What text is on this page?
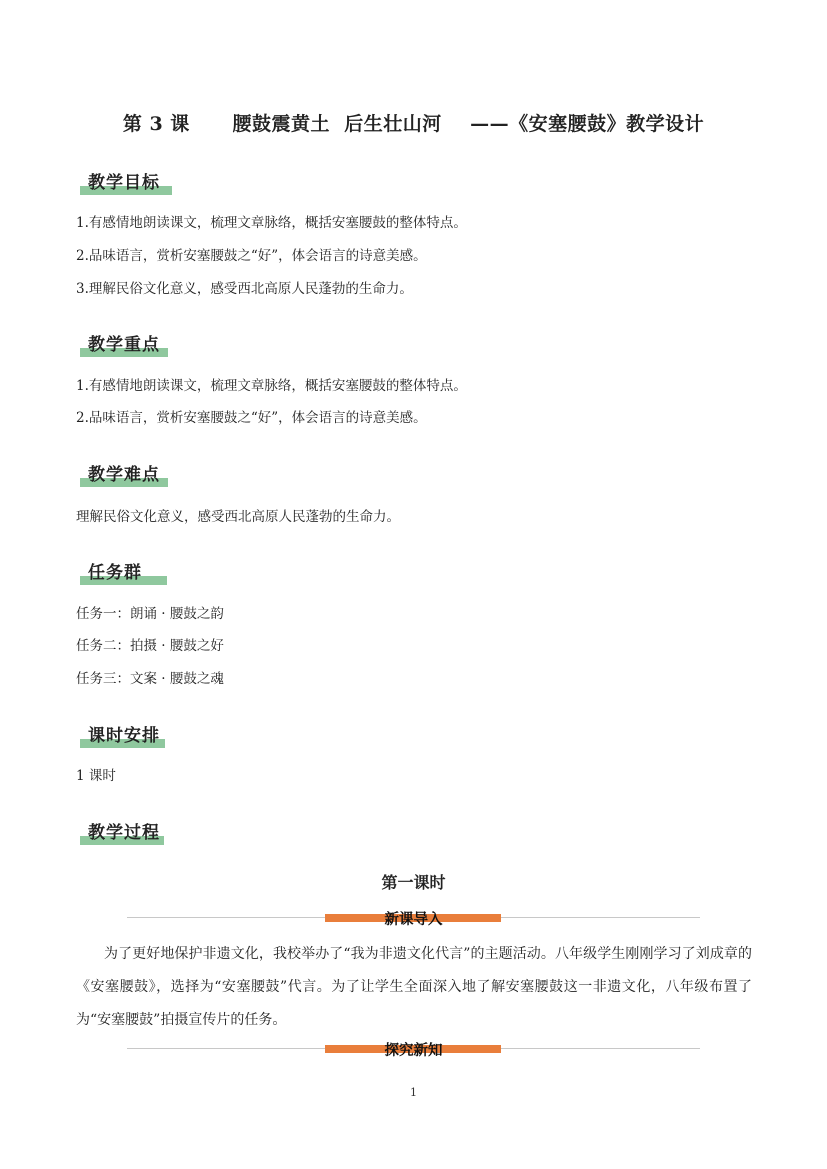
第 3 课      腰鼓震黄土  后生壮山河    ——《安塞腰鼓》教学设计
教学目标
1.有感情地朗读课文，梳理文章脉络，概括安塞腰鼓的整体特点。
2.品味语言，赏析安塞腰鼓之“好”，体会语言的诗意美感。
3.理解民俗文化意义，感受西北高原人民蓬勃的生命力。
教学重点
1.有感情地朗读课文，梳理文章脉络，概括安塞腰鼓的整体特点。
2.品味语言，赏析安塞腰鼓之“好”，体会语言的诗意美感。
教学难点
理解民俗文化意义，感受西北高原人民蓬勃的生命力。
任务群
任务一：朗诵 · 腰鼓之韵
任务二：拍摄 · 腰鼓之好
任务三：文案 · 腰鼓之魂
课时安排
1 课时
教学过程
第一课时
新课导入
为了更好地保护非遗文化，我校举办了“我为非遗文化代言”的主题活动。八年级学生刚刚学习了刘成章的《安塞腰鼓》，选择为“安塞腰鼓”代言。为了让学生全面深入地了解安塞腰鼓这一非遗文化，八年级布置了为“安塞腰鼓”拍摄宣传片的任务。
探究新知
1
